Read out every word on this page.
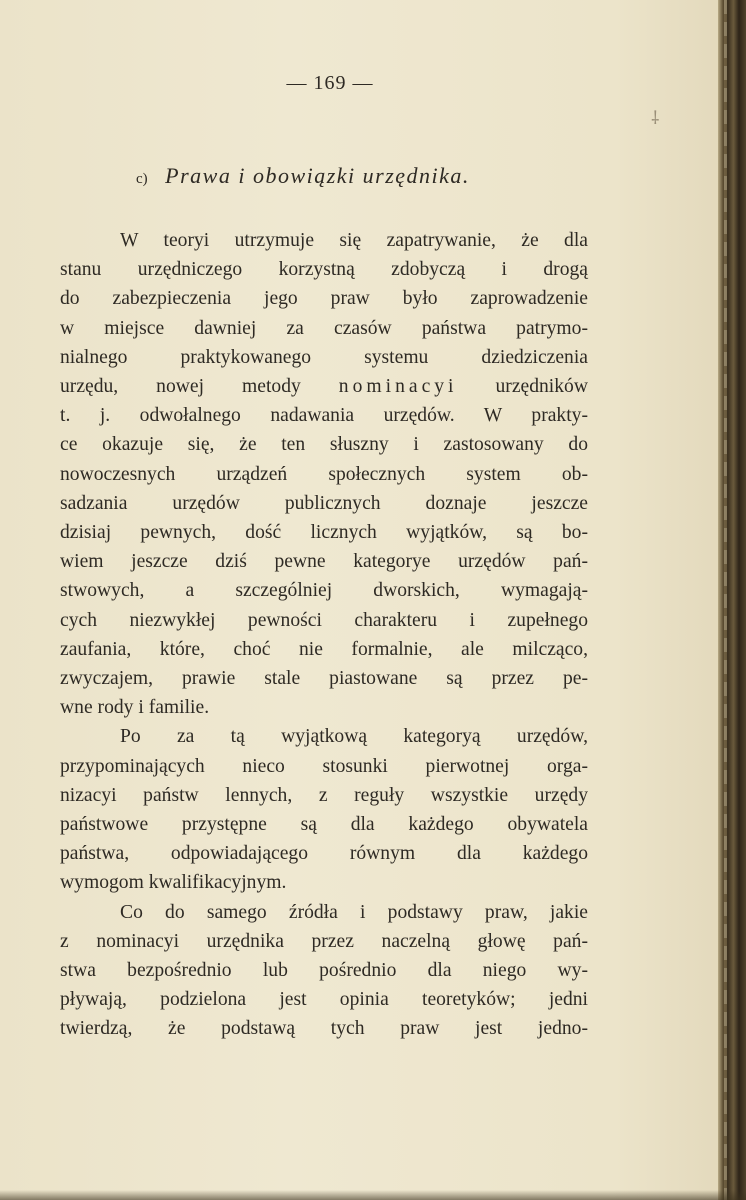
— 169 —
⸸
c) Prawa i obowiązki urzędnika.
W teoryi utrzymuje się zapatrywanie, że dla
stanu urzędniczego korzystną zdobyczą i drogą
do zabezpieczenia jego praw było zaprowadzenie
w miejsce dawniej za czasów państwa patrymo-
nialnego praktykowanego systemu dziedziczenia
urzędu, nowej metody nominacyi urzędników
t. j. odwołalnego nadawania urzędów. W prakty-
ce okazuje się, że ten słuszny i zastosowany do
nowoczesnych urządzeń społecznych system ob-
sadzania urzędów publicznych doznaje jeszcze
dzisiaj pewnych, dość licznych wyjątków, są bo-
wiem jeszcze dziś pewne kategorye urzędów pań-
stwowych, a szczególniej dworskich, wymagają-
cych niezwykłej pewności charakteru i zupełnego
zaufania, które, choć nie formalnie, ale milcząco,
zwyczajem, prawie stale piastowane są przez pe-
wne rody i familie.
Po za tą wyjątkową kategoryą urzędów,
przypominających nieco stosunki pierwotnej orga-
nizacyi państw lennych, z reguły wszystkie urzędy
państwowe przystępne są dla każdego obywatela
państwa, odpowiadającego równym dla każdego
wymogom kwalifikacyjnym.
Co do samego źródła i podstawy praw, jakie
z nominacyi urzędnika przez naczelną głowę pań-
stwa bezpośrednio lub pośrednio dla niego wy-
pływają, podzielona jest opinia teoretyków; jedni
twierdzą, że podstawą tych praw jest jedno-
